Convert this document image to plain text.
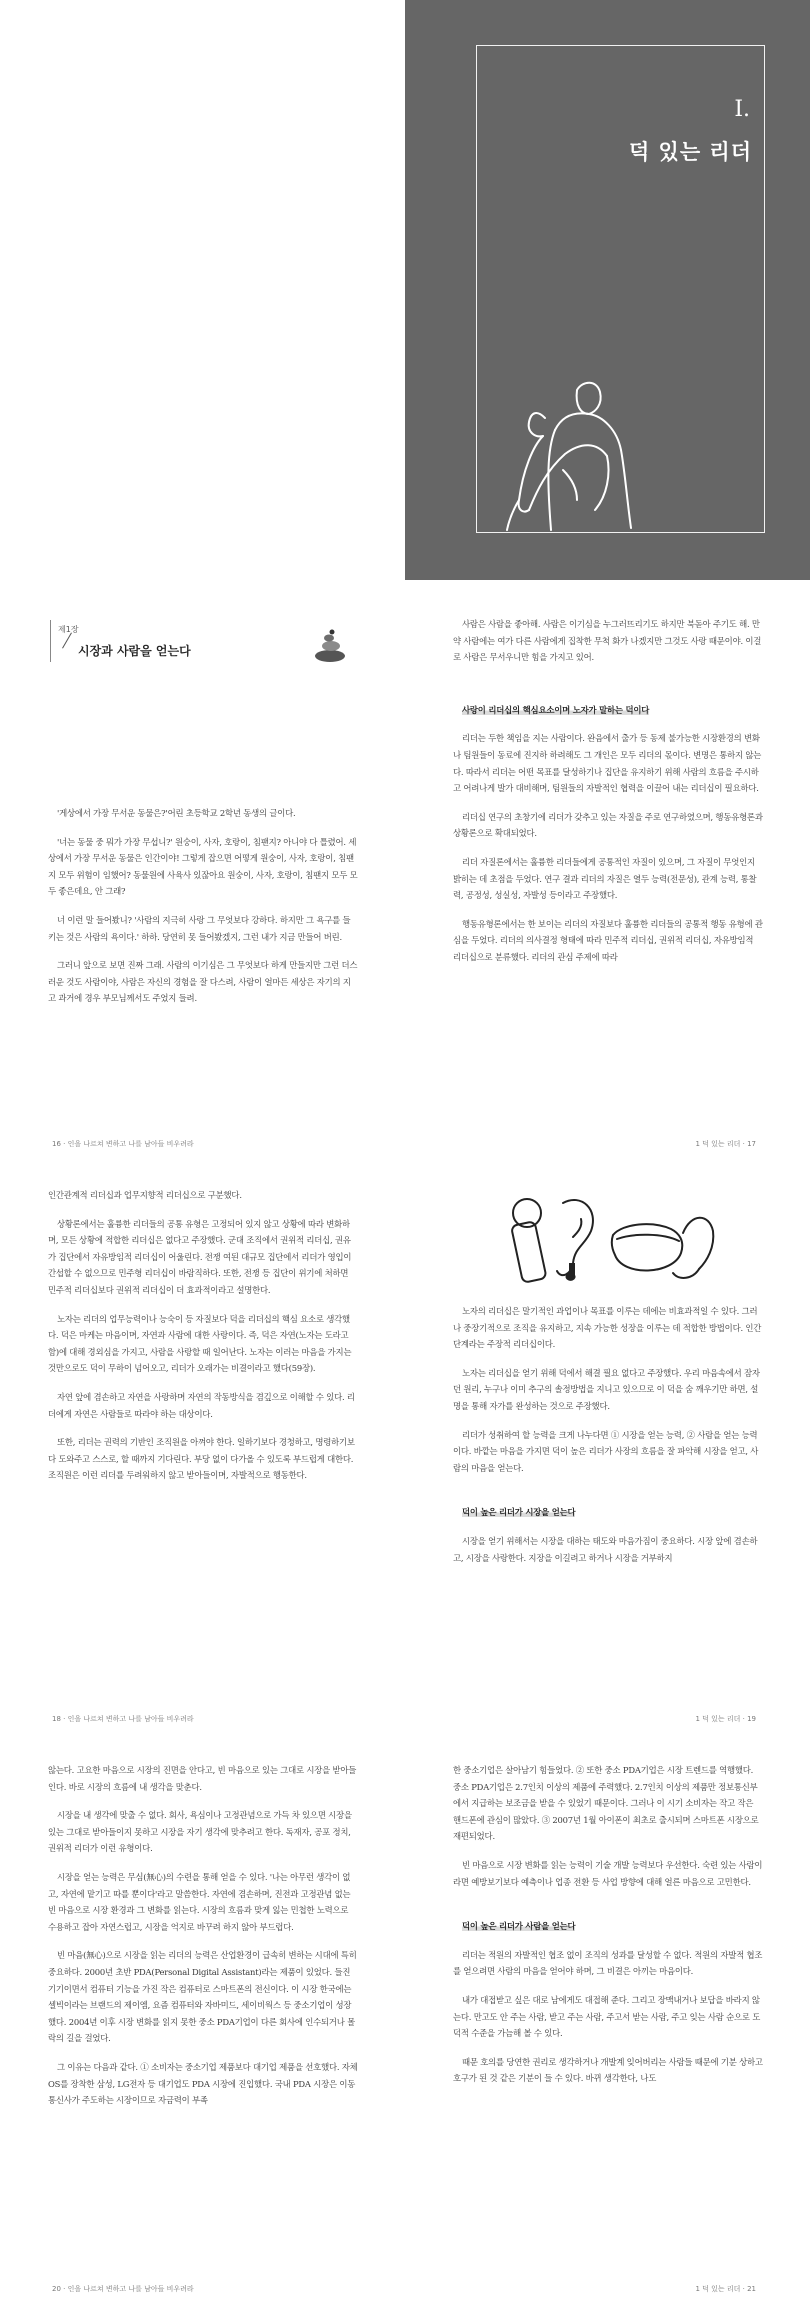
I.
덕 있는 리더
제1장
시장과 사람을 얻는다

'게상에서 가장 무서운 동물은?'어린 초등학교 2학년 동생의 글이다.

'너는 동물 중 뭐가 가장 무섭니?' 원숭이, 사자, 호랑이, 침팬지? 아니야 다 틀렸어. 세상에서 가장 무서운 동물은 인간이야! 그렇게 잡으면 어떻게 원숭이, 사자, 호랑이, 침팬지 모두 위험이 임했어? 동물원에 사육사 있잖아요 원숭이, 사자, 호랑이, 침팬지 모두 모두 좋은데요, 안 그래?

너 이런 말 들어봤니? '사람의 지극히 사랑 그 무엇보다 강하다. 하지만 그 욕구를 들키는 것은 사람의 욕이다.' 하하. 당연히 못 들어봤겠지, 그런 내가 지금 만들어 버린.

그러니 앞으로 보면 진짜 그래. 사람의 이기심은 그 무엇보다 하게 만들지만 그런 더스러운 것도 사람이야, 사람은 자신의 경험을 잘 다스려, 사람이 얼마든 세상은 자기의 지고 과거에 경우 부모님께서도 주었지 들려.

16 · 인을 나르쳐 변하고 나를 남아들 비우려라

사람은 사람을 좋아해. 사람은 이기심을 누그러뜨리기도 하지만 북돋아 주기도 해. 만약 사람에는 여가 다른 사람에게 집착한 무척 화가 나겠지만 그것도 사랑 때문이야. 이걸로 사람은 무서우니만 힘을 가지고 있어.

사랑이 리더십의 핵심요소이며 노자가 말하는 덕이다

리더는 두한 책임을 지는 사람이다. 완음에서 출가 등 동제 불가능한 시장환경의 변화나 팀원들이 동료에 진지하 하려해도 그 개인은 모두 리더의 몫이다. 변명은 통하지 않는다. 따라서 리더는 어떤 목표를 달성하기나 집단을 유지하기 위해 사람의 흐름을 주시하고 어려나게 발가 대비해며, 팀원들의 자발적인 협력을 이끌어 내는 리더십이 필요하다.

리더십 연구의 초창기에 리더가 갖추고 있는 자질을 주로 연구하였으며, 행동유형론과 상황론으로 확대되었다.

리더 자질론에서는 훌륭한 리더들에게 공통적인 자질이 있으며, 그 자질이 무엇인지 밝히는 데 초점을 두었다. 연구 결과 리더의 자질은 열두 능력(전문성), 관계 능력, 통찰력, 공정성, 성실성, 자발성 등이라고 주장했다.

행동유형론에서는 한 보이는 리더의 자질보다 훌륭한 리더들의 공통적 행동 유형에 관심을 두었다. 리더의 의사결정 형태에 따라 민주적 리더십, 권위적 리더십, 자유방임적 리더십으로 분류했다. 리더의 관심 주제에 따라

1 덕 있는 리더 · 17

인간관계적 리더십과 업무지향적 리더십으로 구분했다.

상황론에서는 훌륭한 리더들의 공통 유형은 고정되어 있지 않고 상황에 따라 변화하며, 모든 상황에 적합한 리더십은 없다고 주장했다. 군대 조직에서 권위적 리더십, 권유가 집단에서 자유방임적 리더십이 어울린다. 전쟁 여된 대규모 집단에서 리더가 영입이 간섭할 수 없으므로 민주형 리더십이 바람직하다. 또한, 전쟁 등 집단이 위기에 처하면 민주적 리더십보다 권위적 리더십이 더 효과적이라고 설명한다.

노자는 리더의 업무능력이나 능숙이 등 자질보다 덕을 리더십의 핵심 요소로 생각했다. 덕은 마케는 마음이며, 자연과 사람에 대한 사랑이다. 즉, 덕은 자연(노자는 도라고 함)에 대해 경외심을 가지고, 사람을 사랑할 때 일어난다. 노자는 이러는 마음을 가지는 것만으로도 덕이 무하이 넘어오고, 리더가 오래가는 비결이라고 했다(59장).

자연 앞에 겸손하고 자연을 사랑하며 자연의 작동방식을 겸깊으로 이해할 수 있다. 리더에게 자연은 사람들로 따라야 하는 대상이다.

또한, 리더는 권력의 기반인 조직원을 아껴야 한다. 일하기보다 경청하고, 명령하기보다 도와주고 스스로, 할 때까지 기다린다. 부당 없이 다가올 수 있도록 부드럽게 대한다. 조직원은 이런 리더를 두려워하지 않고 받아들이며, 자발적으로 행동한다.

18 · 인을 나르쳐 변하고 나를 남아들 비우려라

노자의 리더십은 말기적인 과업이나 목표를 이루는 데에는 비효과적일 수 있다. 그러나 중장기적으로 조직을 유지하고, 지속 가능한 성장을 이루는 데 적합한 방법이다. 인간 단계라는 주장적 리더십이다.

노자는 리더십을 얻기 위해 덕에서 해결 필요 없다고 주장했다. 우리 마음속에서 잠자던 원리, 누구나 이미 추구의 솔정방법을 지니고 있으므로 이 덕을 숨 깨우기만 하면, 설명을 통해 자가를 완성하는 것으로 주장했다.

리더가 성취하여 할 능력을 크게 나누다면 ① 시장을 얻는 능력, ② 사람을 얻는 능력이다. 바깥는 마음을 가지면 덕이 높은 리더가 사장의 흐름을 잘 파악해 시장을 얻고, 사람의 마음을 얻는다.

덕이 높은 리더가 시장을 얻는다

시장을 얻기 위해서는 시장을 대하는 태도와 마음가짐이 중요하다. 시장 앞에 겸손하고, 시장을 사랑한다. 지장을 이길려고 하거나 시장을 거부하지

1 덕 있는 리더 · 19

않는다. 고요한 마음으로 시장의 진면을 안다고, 빈 마음으로 있는 그대로 시장을 받아들인다. 바로 시장의 흐름에 내 생각을 맞춘다.

시장을 내 생각에 맞출 수 없다. 회사, 욕심이나 고정관념으로 가득 차 있으면 시장을 있는 그대로 받아들이지 못하고 시장을 자기 생각에 맞추려고 한다. 독재자, 공포 정치, 권위적 리더가 이런 유형이다.

시장을 얻는 능력은 무심(無心)의 수련을 통해 얻을 수 있다. '나는 아무런 생각이 없고, 자연에 맡기고 따를 뿐이다'라고 말씀한다. 자연에 겸손하며, 진전과 고정관념 없는 빈 마음으로 시장 환경과 그 변화를 읽는다. 시장의 흐름과 맞게 잃는 민첩한 노력으로 수용하고 잡아 자연스럽고, 시장을 억지로 바꾸려 하지 않아 부드럽다.

빈 마음(無心)으로 시장을 읽는 리더의 능력은 산업환경이 급속히 변하는 시대에 특히 중요하다. 2000년 초반 PDA(Personal Digital Assistant)라는 제품이 있었다. 들진기기이면서 컴퓨터 기능을 가진 작은 컴퓨터로 스마트폰의 전신이다. 이 시장 한국에는 셀빅이라는 브랜드의 제이엠, 요즘 컴퓨터와 자바미드, 세이비웍스 등 중소기업이 성장했다. 2004년 이후 시장 변화를 읽지 못한 중소 PDA기업이 다른 회사에 인수되거나 몰락의 길을 걸었다.

그 이유는 다음과 같다. ① 소비자는 중소기업 제품보다 대기업 제품을 선호했다. 자체 OS를 장착한 삼성, LG전자 등 대기업도 PDA 시장에 진입했다. 국내 PDA 시장은 이동통신사가 주도하는 시장이므로 자금력이 부족

20 · 인을 나르쳐 변하고 나를 남아들 비우려라

한 중소기업은 살아남기 힘들었다. ② 또한 중소 PDA기업은 시장 트렌드를 역행했다. 중소 PDA기업은 2.7인치 이상의 제품에 주력했다. 2.7인치 이상의 제품만 정보통신부에서 지급하는 보조금을 받을 수 있었기 때문이다. 그러나 이 시기 소비자는 작고 작은 핸드폰에 관심이 많았다. ③ 2007년 1월 아이폰이 최초로 출시되며 스마트폰 시장으로 재편되었다.

빈 마음으로 시장 변화를 읽는 능력이 기술 개발 능력보다 우선한다. 숙련 있는 사람이라면 예방보기보다 예측이나 업종 전환 등 사업 방향에 대해 얼른 마음으로 고민한다.

덕이 높은 리더가 사람을 얻는다

리더는 적원의 자발적인 협조 없이 조직의 성과를 달성할 수 없다. 적원의 자발적 협조를 얻으려면 사람의 마음을 얻어야 하며, 그 비결은 아끼는 마음이다.

내가 대접받고 싶은 대로 남에게도 대접해 준다. 그리고 장맥내거나 보답을 바라지 않는다. 만고도 안 주는 사람, 받고 주는 사람, 주고서 받는 사람, 주고 잊는 사람 순으로 도덕적 수준을 가늠해 볼 수 있다.

때문 호의를 당연한 권리로 생각하거나 개발계 잊어버리는 사람들 때문에 기분 상하고 호구가 된 것 같은 기분이 들 수 있다. 바뀌 생각한다, 나도

1 덕 있는 리더 · 21
